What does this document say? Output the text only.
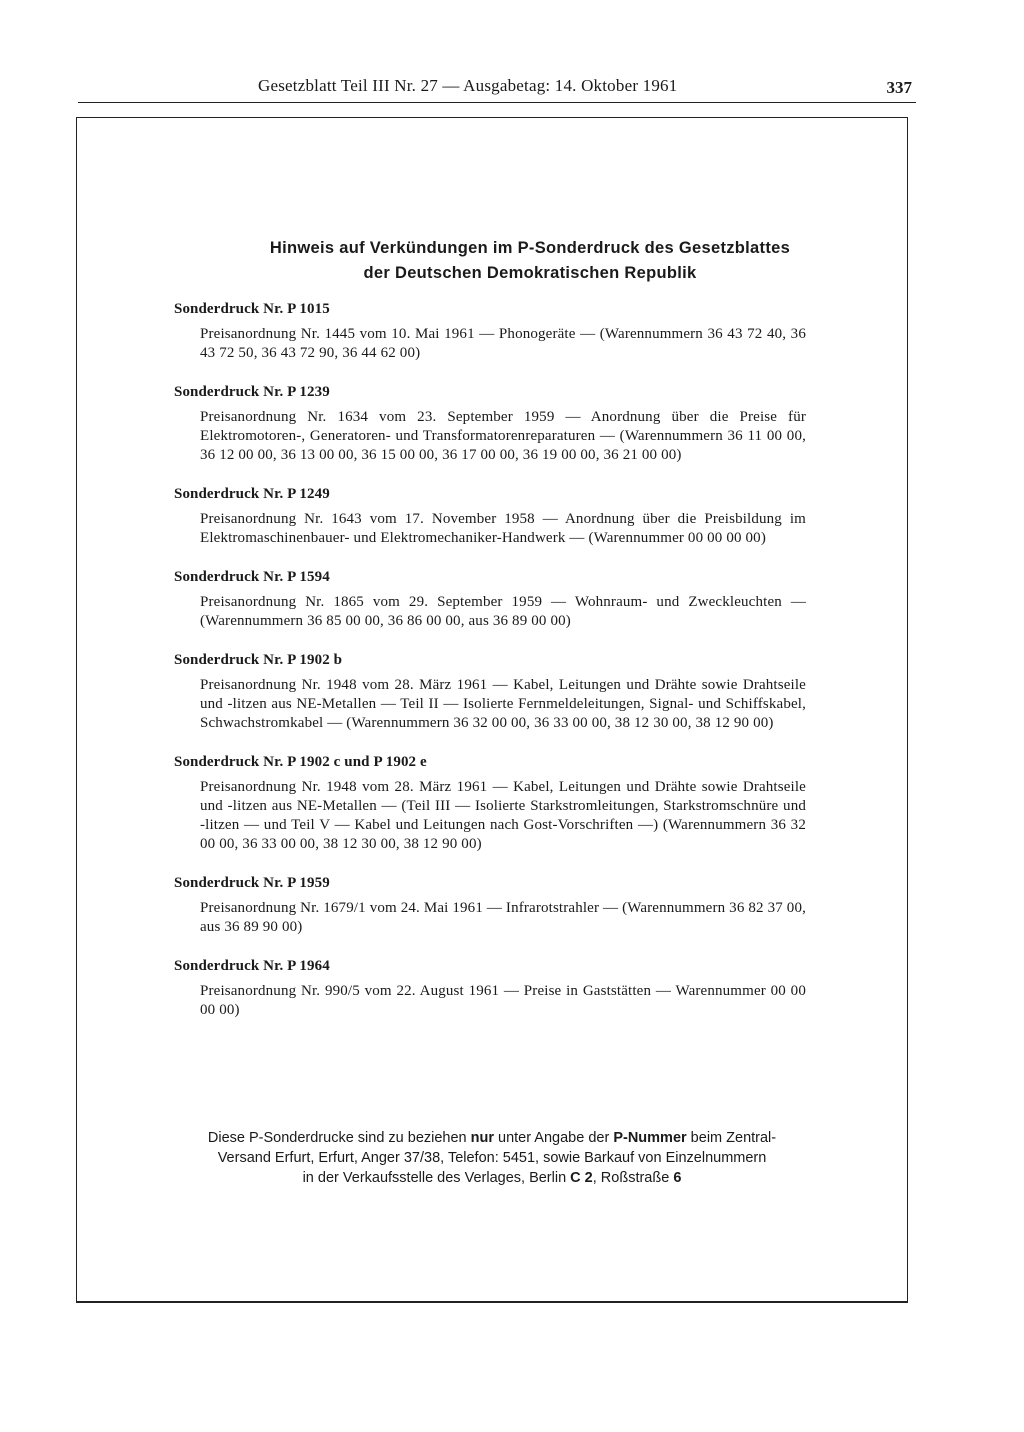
Gesetzblatt Teil III Nr. 27 — Ausgabetag: 14. Oktober 1961	337
Hinweis auf Verkündungen im P-Sonderdruck des Gesetzblattes
der Deutschen Demokratischen Republik
Sonderdruck Nr. P 1015
Preisanordnung Nr. 1445 vom 10. Mai 1961 — Phonogeräte — (Warennummern 36 43 72 40, 36 43 72 50, 36 43 72 90, 36 44 62 00)
Sonderdruck Nr. P 1239
Preisanordnung Nr. 1634 vom 23. September 1959 — Anordnung über die Preise für Elektromotoren-, Generatoren- und Transformatorenreparaturen — (Warennummern 36 11 00 00, 36 12 00 00, 36 13 00 00, 36 15 00 00, 36 17 00 00, 36 19 00 00, 36 21 00 00)
Sonderdruck Nr. P 1249
Preisanordnung Nr. 1643 vom 17. November 1958 — Anordnung über die Preisbildung im Elektromaschinenbauer- und Elektromechaniker-Handwerk — (Warennummer 00 00 00 00)
Sonderdruck Nr. P 1594
Preisanordnung Nr. 1865 vom 29. September 1959 — Wohnraum- und Zweckleuchten — (Warennummern 36 85 00 00, 36 86 00 00, aus 36 89 00 00)
Sonderdruck Nr. P 1902 b
Preisanordnung Nr. 1948 vom 28. März 1961 — Kabel, Leitungen und Drähte sowie Drahtseile und -litzen aus NE-Metallen — Teil II — Isolierte Fernmeldeleitungen, Signal- und Schiffskabel, Schwachstromkabel — (Warennummern 36 32 00 00, 36 33 00 00, 38 12 30 00, 38 12 90 00)
Sonderdruck Nr. P 1902 c und P 1902 e
Preisanordnung Nr. 1948 vom 28. März 1961 — Kabel, Leitungen und Drähte sowie Drahtseile und -litzen aus NE-Metallen — (Teil III — Isolierte Starkstromleitungen, Starkstromschnüre und -litzen — und Teil V — Kabel und Leitungen nach Gost-Vorschriften —) (Warennummern 36 32 00 00, 36 33 00 00, 38 12 30 00, 38 12 90 00)
Sonderdruck Nr. P 1959
Preisanordnung Nr. 1679/1 vom 24. Mai 1961 — Infrarotstrahler — (Warennummern 36 82 37 00, aus 36 89 90 00)
Sonderdruck Nr. P 1964
Preisanordnung Nr. 990/5 vom 22. August 1961 — Preise in Gaststätten — Warennummer 00 00 00 00)
Diese P-Sonderdrucke sind zu beziehen nur unter Angabe der P-Nummer beim Zentral-
Versand Erfurt, Erfurt, Anger 37/38, Telefon: 5451, sowie Barkauf von Einzelnummern
in der Verkaufsstelle des Verlages, Berlin C 2, Roßstraße 6
